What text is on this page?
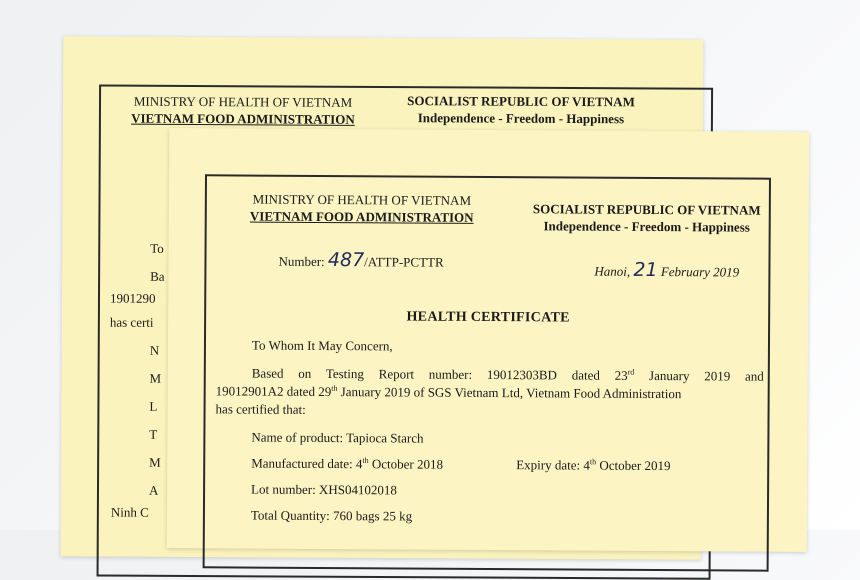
MINISTRY OF HEALTH OF VIETNAM
VIETNAM FOOD ADMINISTRATION
SOCIALIST REPUBLIC OF VIETNAM
Independence - Freedom - Happiness
To
Ba
1901290
has certi
N
M
L
T
M
A
Ninh C
MINISTRY OF HEALTH OF VIETNAM
VIETNAM FOOD ADMINISTRATION	SOCIALIST REPUBLIC OF VIETNAM
Independence - Freedom - Happiness
Number: 487/ATTP-PCTTR
Hanoi, 21 February 2019
HEALTH CERTIFICATE

To Whom It May Concern,

Based on Testing Report number: 19012303BD dated 23rd January 2019 and

19012901A2 dated 29th January 2019 of SGS Vietnam Ltd, Vietnam Food Administration

has certified that:

Name of product: Tapioca Starch

Manufactured date: 4th October 2018	Expiry date: 4th October 2019

Lot number: XHS04102018

Total Quantity: 760 bags 25 kg
